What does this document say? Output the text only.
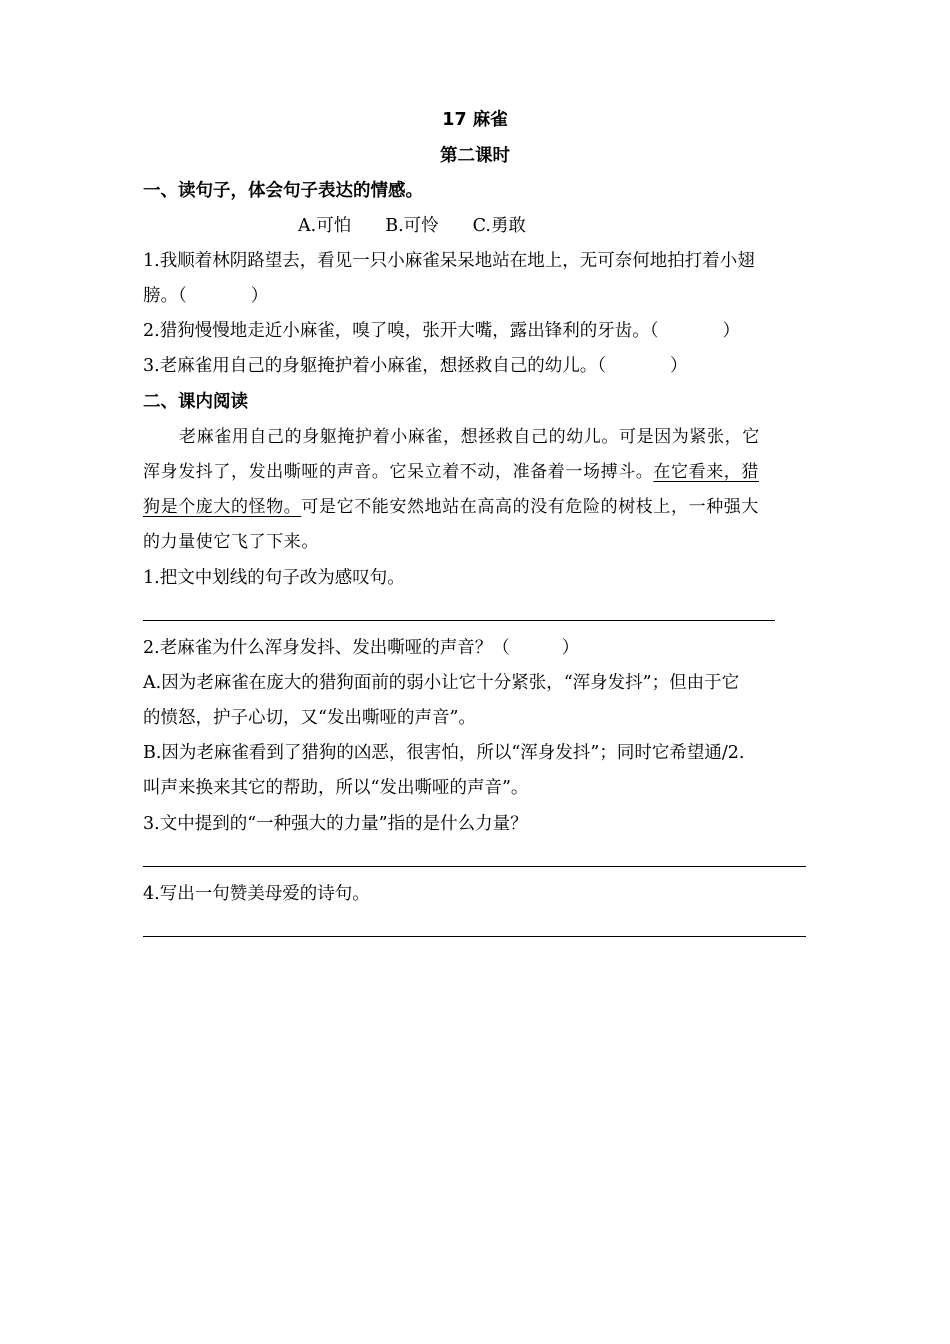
17 麻雀
第二课时
一、读句子，体会句子表达的情感。
A.可怕 B.可怜 C.勇敢
1.我顺着林阴路望去，看见一只小麻雀呆呆地站在地上，无可奈何地拍打着小翅
膀。（	）
2.猎狗慢慢地走近小麻雀，嗅了嗅，张开大嘴，露出锋利的牙齿。（	）
3.老麻雀用自己的身躯掩护着小麻雀，想拯救自己的幼儿。（	）
二、课内阅读
老麻雀用自己的身躯掩护着小麻雀，想拯救自己的幼儿。可是因为紧张，它
浑身发抖了，发出嘶哑的声音。它呆立着不动，准备着一场搏斗。在它看来，猎
狗是个庞大的怪物。可是它不能安然地站在高高的没有危险的树枝上，一种强大
的力量使它飞了下来。
1.把文中划线的句子改为感叹句。
2.老麻雀为什么浑身发抖、发出嘶哑的声音？（	）
A.因为老麻雀在庞大的猎狗面前的弱小让它十分紧张，“浑身发抖”；但由于它
的愤怒，护子心切，又“发出嘶哑的声音”。
B.因为老麻雀看到了猎狗的凶恶，很害怕，所以“浑身发抖”；同时它希望通/2.
叫声来换来其它的帮助，所以“发出嘶哑的声音”。
3.文中提到的“一种强大的力量”指的是什么力量？
4.写出一句赞美母爱的诗句。
